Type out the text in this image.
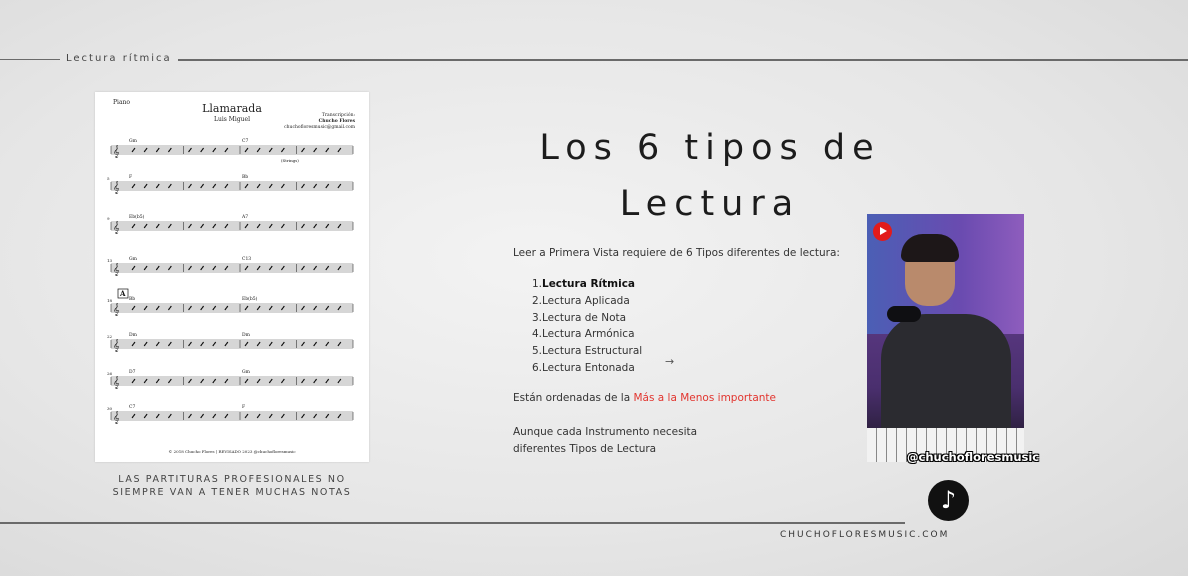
Lectura rítmica
Piano	Llamarada
Luis Miguel
Transcripción:
Chucho Flores
chuchofloresmusic@gmail.com
𝄞
Gm	C7
𝄞
F	Bb
5
𝄞
Eb(b5)	A7
9
𝄞
Gm	C13
13
𝄞
Bb	Eb(b5)
18
𝄞
Dm	Dm
22
𝄞
D7	Gm
26
𝄞
C7	F
30
A
(Strings)
© 2018 Chucho Flores | REVISADO 2023 @chuchofloresmusic
LAS PARTITURAS PROFESIONALES NO SIEMPRE VAN A TENER MUCHAS NOTAS
Los 6 tipos de
Lectura
Leer a Primera Vista requiere de 6 Tipos diferentes de lectura:
1. Lectura Rítmica
2. Lectura Aplicada
3. Lectura de Nota
4. Lectura Armónica
5. Lectura Estructural
6. Lectura Entonada	→
Están ordenadas de la Más a la Menos importante
Aunque cada Instrumento necesita
diferentes Tipos de Lectura
@chuchofloresmusic
♪
CHUCHOFLORESMUSIC.COM
